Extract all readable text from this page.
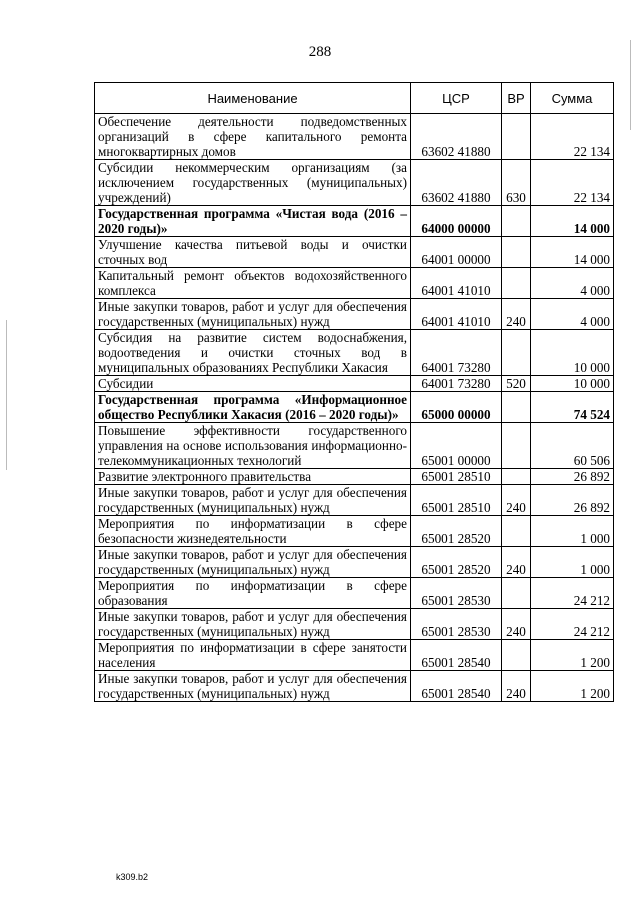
288
Наименование	ЦСР	ВР	Сумма
Обеспечение деятельности подведомственных организаций в сфере капитального ремонта многоквартирных домов	63602 41880		22 134
Субсидии некоммерческим организациям (за исключением государственных (муниципальных) учреждений)	63602 41880	630	22 134
Государственная программа «Чистая вода (2016 – 2020 годы)»	64000 00000		14 000
Улучшение качества питьевой воды и очистки сточных вод	64001 00000		14 000
Капитальный ремонт объектов водохозяйственного комплекса	64001 41010		4 000
Иные закупки товаров, работ и услуг для обеспечения государственных (муниципальных) нужд	64001 41010	240	4 000
Субсидия на развитие систем водоснабжения, водоотведения и очистки сточных вод в муниципальных образованиях Республики Хакасия	64001 73280		10 000
Субсидии	64001 73280	520	10 000
Государственная программа «Информационное общество Республики Хакасия (2016 – 2020 годы)»	65000 00000		74 524
Повышение эффективности государственного управления на основе использования информационно-телекоммуникационных технологий	65001 00000		60 506
Развитие электронного правительства	65001 28510		26 892
Иные закупки товаров, работ и услуг для обеспечения государственных (муниципальных) нужд	65001 28510	240	26 892
Мероприятия по информатизации в сфере безопасности жизнедеятельности	65001 28520		1 000
Иные закупки товаров, работ и услуг для обеспечения государственных (муниципальных) нужд	65001 28520	240	1 000
Мероприятия по информатизации в сфере образования	65001 28530		24 212
Иные закупки товаров, работ и услуг для обеспечения государственных (муниципальных) нужд	65001 28530	240	24 212
Мероприятия по информатизации в сфере занятости населения	65001 28540		1 200
Иные закупки товаров, работ и услуг для обеспечения государственных (муниципальных) нужд	65001 28540	240	1 200
k309.b2
